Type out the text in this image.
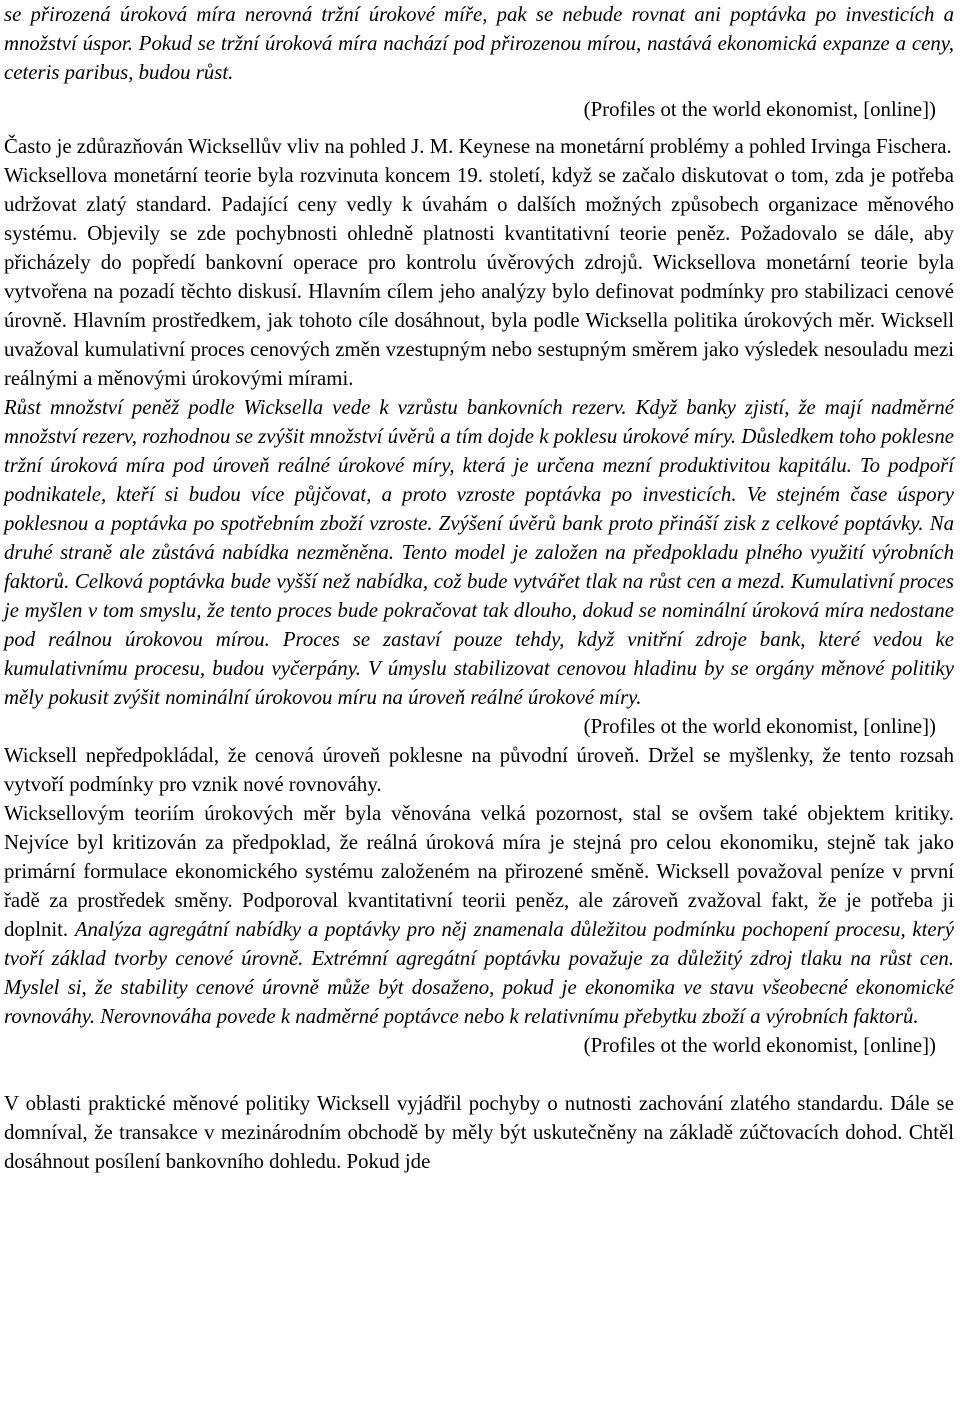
se přirozená úroková míra nerovná tržní úrokové míře, pak se nebude rovnat ani poptávka po investicích a množství úspor. Pokud se tržní úroková míra nachází pod přirozenou mírou, nastává ekonomická expanze a ceny, ceteris paribus, budou růst.

(Profiles ot the world ekonomist, [online])

Často je zdůrazňován Wicksellův vliv na pohled J. M. Keynese na monetární problémy a pohled Irvinga Fischera.

Wicksellova monetární teorie byla rozvinuta koncem 19. století, když se začalo diskutovat o tom, zda je potřeba udržovat zlatý standard. Padající ceny vedly k úvahám o dalších možných způsobech organizace měnového systému. Objevily se zde pochybnosti ohledně platnosti kvantitativní teorie peněz. Požadovalo se dále, aby přicházely do popředí bankovní operace pro kontrolu úvěrových zdrojů. Wicksellova monetární teorie byla vytvořena na pozadí těchto diskusí. Hlavním cílem jeho analýzy bylo definovat podmínky pro stabilizaci cenové úrovně. Hlavním prostředkem, jak tohoto cíle dosáhnout, byla podle Wicksella politika úrokových měr. Wicksell uvažoval kumulativní proces cenových změn vzestupným nebo sestupným směrem jako výsledek nesouladu mezi reálnými a měnovými úrokovými mírami.

Růst množství peněž podle Wicksella vede k vzrůstu bankovních rezerv. Když banky zjistí, že mají nadměrné množství rezerv, rozhodnou se zvýšit množství úvěrů a tím dojde k poklesu úrokové míry. Důsledkem toho poklesne tržní úroková míra pod úroveň reálné úrokové míry, která je určena mezní produktivitou kapitálu. To podpoří podnikatele, kteří si budou více půjčovat, a proto vzroste poptávka po investicích. Ve stejném čase úspory poklesnou a poptávka po spotřebním zboží vzroste. Zvýšení úvěrů bank proto přináší zisk z celkové poptávky. Na druhé straně ale zůstává nabídka nezměněna. Tento model je založen na předpokladu plného využití výrobních faktorů. Celková poptávka bude vyšší než nabídka, což bude vytvářet tlak na růst cen a mezd. Kumulativní proces je myšlen v tom smyslu, že tento proces bude pokračovat tak dlouho, dokud se nominální úroková míra nedostane pod reálnou úrokovou mírou. Proces se zastaví pouze tehdy, když vnitřní zdroje bank, které vedou ke kumulativnímu procesu, budou vyčerpány. V úmyslu stabilizovat cenovou hladinu by se orgány měnové politiky měly pokusit zvýšit nominální úrokovou míru na úroveň reálné úrokové míry.

(Profiles ot the world ekonomist, [online])

Wicksell nepředpokládal, že cenová úroveň poklesne na původní úroveň. Držel se myšlenky, že tento rozsah vytvoří podmínky pro vznik nové rovnováhy.

Wicksellovým teoriím úrokových měr byla věnována velká pozornost, stal se ovšem také objektem kritiky. Nejvíce byl kritizován za předpoklad, že reálná úroková míra je stejná pro celou ekonomiku, stejně tak jako primární formulace ekonomického systému založeném na přirozené směně. Wicksell považoval peníze v první řadě za prostředek směny. Podporoval kvantitativní teorii peněz, ale zároveň zvažoval fakt, že je potřeba ji doplnit. Analýza agregátní nabídky a poptávky pro něj znamenala důležitou podmínku pochopení procesu, který tvoří základ tvorby cenové úrovně. Extrémní agregátní poptávku považuje za důležitý zdroj tlaku na růst cen. Myslel si, že stability cenové úrovně může být dosaženo, pokud je ekonomika ve stavu všeobecné ekonomické rovnováhy. Nerovnováha povede k nadměrné poptávce nebo k relativnímu přebytku zboží a výrobních faktorů.

(Profiles ot the world ekonomist, [online])

V oblasti praktické měnové politiky Wicksell vyjádřil pochyby o nutnosti zachování zlatého standardu. Dále se domníval, že transakce v mezinárodním obchodě by měly být uskutečněny na základě zúčtovacích dohod. Chtěl dosáhnout posílení bankovního dohledu. Pokud jde
